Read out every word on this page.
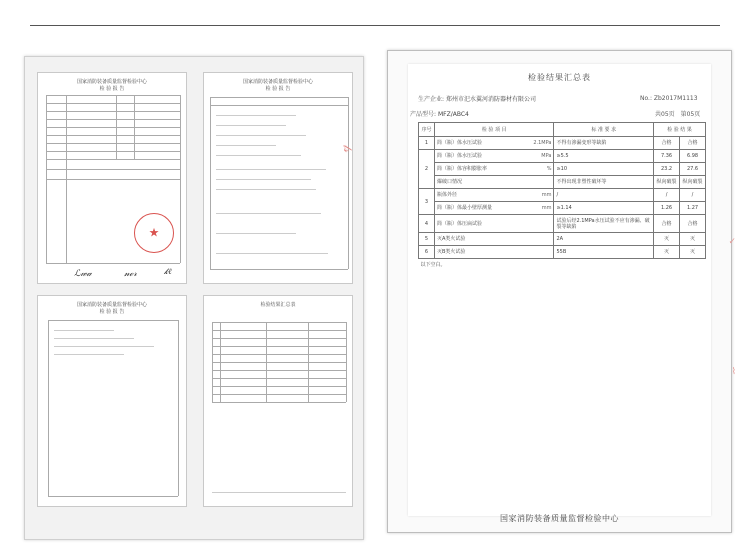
国家消防装备质量监督检验中心
检 验 报 告
★
ℒ𝓌𝒶	𝓃ℯ𝓇	𝓀ℓ
国家消防装备质量监督检验中心
检 验 报 告
国家消防装备质量监督检验中心
检 验 报 告
检验结果汇总表
𝓁𝓈
检验结果汇总表
生产企业: 郑州市汜水翼河消防器材有限公司	No.: Zb2017M1113
产品型号: MFZ/ABC4	共05页 第05页
序号	检 验 项 目	标 准 要 求	检 验 结 果	
1	简（瓶）体水压试验 2.1MPa	不得有渗漏变形等缺陷	合格	合格
2	简（瓶）体水压试验 MPa	≥5.5	7.36	6.98
	简（瓶）体容积膨胀率 %	≥10	23.2	27.6
	爆破口情况	不得出现非塑性破坏等	纵向破裂	纵向破裂
3	瓶体外径 mm	/	/	/
	简（瓶）体最小壁厚测量 mm	≥1.14	1.26	1.27
4	简（瓶）体压扁试验	试验后经2.1MPa水压试验不应有渗漏、破裂等缺陷	合格	合格
5	灭A类火试验	2A	灭	灭
6	灭B类火试验	55B	灭	灭
以下空白。				
国家消防装备质量监督检验中心
✓
⌇
